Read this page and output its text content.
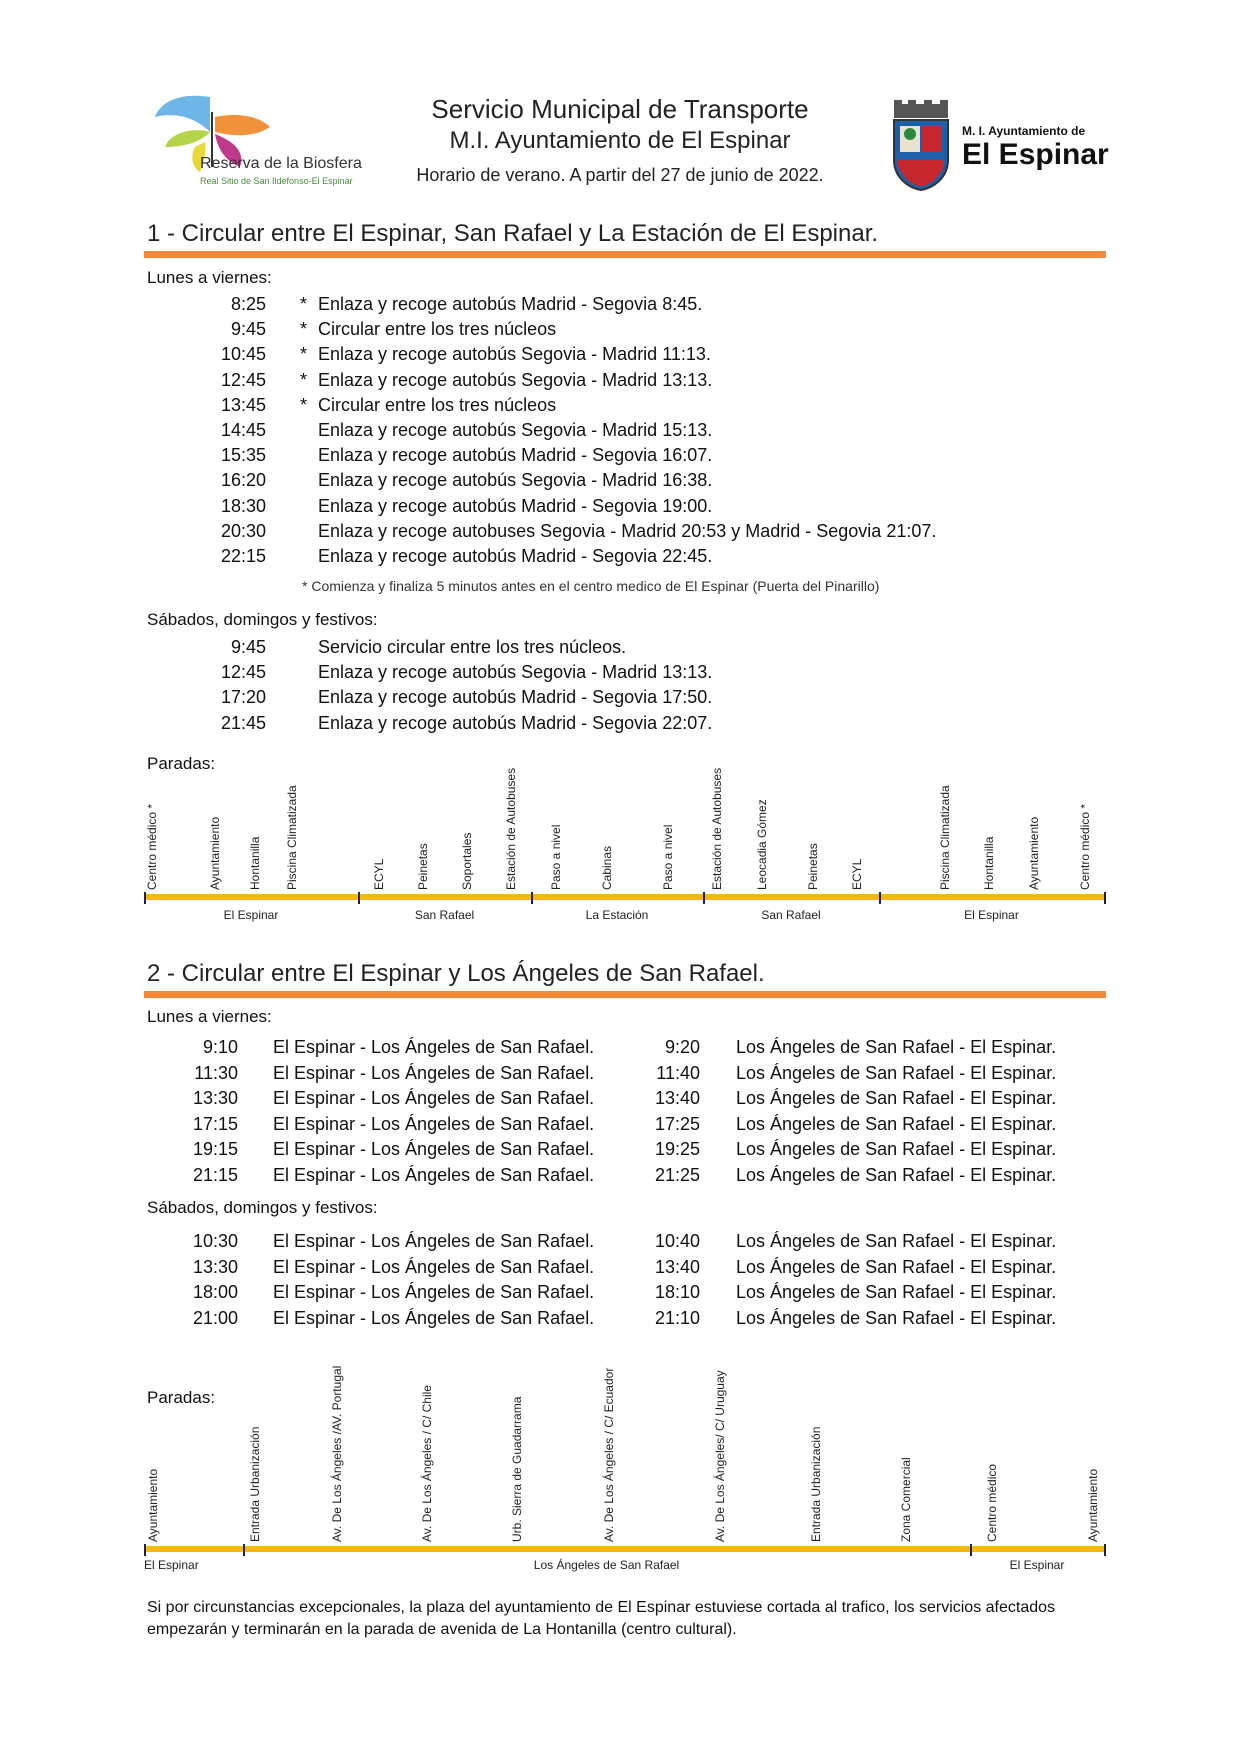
Reserva de la Biosfera
Real Sitio de San Ildefonso-El Espinar
Servicio Municipal de Transporte
M.I. Ayuntamiento de El Espinar
Horario de verano. A partir del 27 de junio de 2022.
M. I. Ayuntamiento de
El Espinar
1 - Circular entre El Espinar, San Rafael y La Estación de El Espinar.
Lunes a viernes:
8:25 * Enlaza y recoge autobús Madrid - Segovia 8:45.
9:45 * Circular entre los tres núcleos
10:45 * Enlaza y recoge autobús Segovia - Madrid 11:13.
12:45 * Enlaza y recoge autobús Segovia - Madrid 13:13.
13:45 * Circular entre los tres núcleos
14:45	Enlaza y recoge autobús Segovia - Madrid 15:13.
15:35	Enlaza y recoge autobús Madrid - Segovia 16:07.
16:20	Enlaza y recoge autobús Segovia - Madrid 16:38.
18:30	Enlaza y recoge autobús Madrid - Segovia 19:00.
20:30	Enlaza y recoge autobuses Segovia - Madrid 20:53 y Madrid - Segovia 21:07.
22:15	Enlaza y recoge autobús Madrid - Segovia 22:45.
* Comienza y finaliza 5 minutos antes en el centro medico de El Espinar (Puerta del Pinarillo)
Sábados, domingos y festivos:
9:45	Servicio circular entre los tres núcleos.
12:45	Enlaza y recoge autobús Segovia - Madrid 13:13.
17:20	Enlaza y recoge autobús Madrid - Segovia 17:50.
21:45	Enlaza y recoge autobús Madrid - Segovia 22:07.
Paradas:
Centro médico *	Ayuntamiento Hontanilla Piscina Climatizada	ECYL	Peinetas	Soportales	Estación de Autobuses	Paso a nivel	Cabinas	Paso a nivel	Estación de Autobuses	Leocadia Gómez	Peinetas	ECYL	Piscina Climatizada	Hontanilla	Ayuntamiento	Centro médico *
El Espinar	San Rafael	La Estación	San Rafael	El Espinar
2 - Circular entre El Espinar y Los Ángeles de San Rafael.
Lunes a viernes:
9:10 El Espinar - Los Ángeles de San Rafael.	9:20 Los Ángeles de San Rafael - El Espinar.
11:30 El Espinar - Los Ángeles de San Rafael.	11:40 Los Ángeles de San Rafael - El Espinar.
13:30 El Espinar - Los Ángeles de San Rafael.	13:40 Los Ángeles de San Rafael - El Espinar.
17:15 El Espinar - Los Ángeles de San Rafael.	17:25 Los Ángeles de San Rafael - El Espinar.
19:15 El Espinar - Los Ángeles de San Rafael.	19:25 Los Ángeles de San Rafael - El Espinar.
21:15 El Espinar - Los Ángeles de San Rafael.	21:25 Los Ángeles de San Rafael - El Espinar.
Sábados, domingos y festivos:
10:30 El Espinar - Los Ángeles de San Rafael.	10:40 Los Ángeles de San Rafael - El Espinar.
13:30 El Espinar - Los Ángeles de San Rafael.	13:40 Los Ángeles de San Rafael - El Espinar.
18:00 El Espinar - Los Ángeles de San Rafael.	18:10 Los Ángeles de San Rafael - El Espinar.
21:00 El Espinar - Los Ángeles de San Rafael.	21:10 Los Ángeles de San Rafael - El Espinar.
Paradas:
Ayuntamiento	Entrada Urbanización	Av. De Los Ángeles /AV. Portugal	Av. De Los Ángeles / C/ Chile	Urb. Sierra de Guadarrama	Av. De Los Ángeles / C/ Ecuador	Av. De Los Ángeles/ C/ Uruguay	Entrada Urbanización	Zona Comercial	Centro médico	Ayuntamiento
El Espinar	Los Ángeles de San Rafael	El Espinar
Si por circunstancias excepcionales, la plaza del ayuntamiento de El Espinar estuviese cortada al trafico, los servicios afectados empezarán y terminarán en la parada de avenida de La Hontanilla (centro cultural).
